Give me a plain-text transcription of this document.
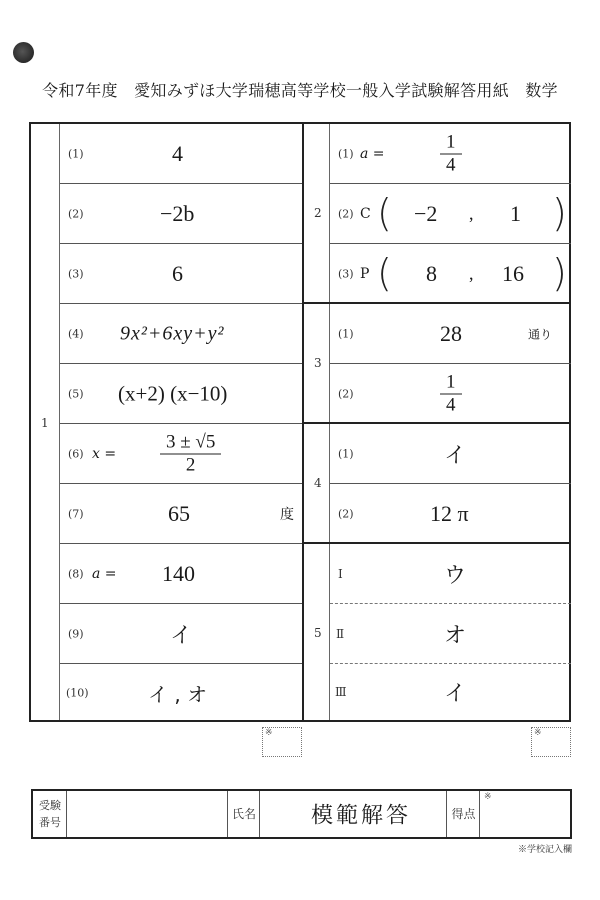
令和7年度　愛知みずほ大学瑞穂高等学校一般入学試験解答用紙　数学
1
(1)	4
(2)	−2b
(3)	6
(4) 9x²+6xy+y²
(5) (x+2) (x−10)
(6) $x = \frac{3 \pm √5}{2}$
(7)	65	度
(8) a = 140
(9)	イ
(10)	イ , オ
2
(1) a =	$\frac{1}{4}$
(2) C ( −2 , 1 )
(3) P ( 8 , 16 )
3
(1)	28	通り
(2)	$\frac{1}{4}$
4
(1)	イ
(2)	12 π
5
Ⅰ	ウ
Ⅱ	オ
Ⅲ	イ
※	※
受験
番号
氏名	模範解答	得点
※
※学校記入欄
